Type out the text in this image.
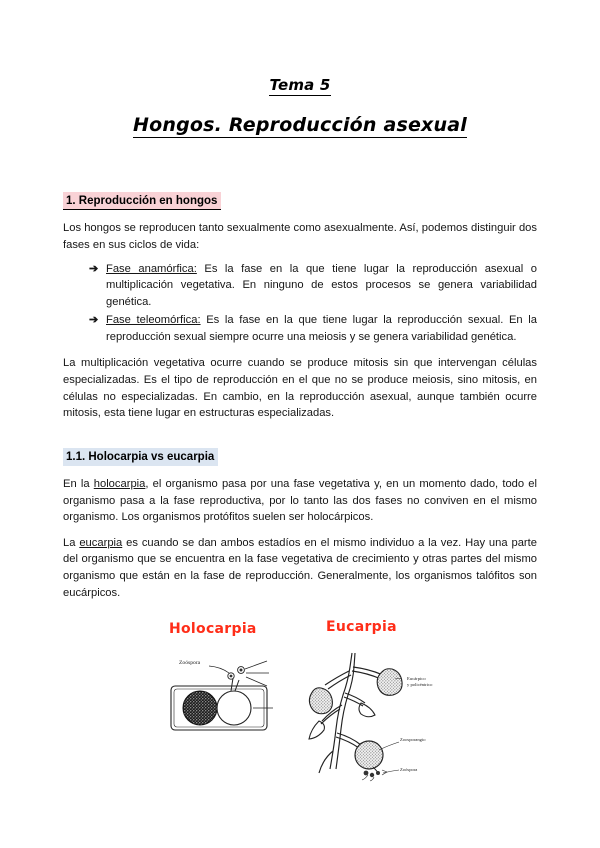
Tema 5
Hongos. Reproducción asexual
1. Reproducción en hongos

Los hongos se reproducen tanto sexualmente como asexualmente. Así, podemos distinguir dos fases en sus ciclos de vida:

➔ Fase anamórfica: Es la fase en la que tiene lugar la reproducción asexual o multiplicación vegetativa. En ninguno de estos procesos se genera variabilidad genética.
➔ Fase teleomórfica: Es la fase en la que tiene lugar la reproducción sexual. En la reproducción sexual siempre ocurre una meiosis y se genera variabilidad genética.

La multiplicación vegetativa ocurre cuando se produce mitosis sin que intervengan células especializadas. Es el tipo de reproducción en el que no se produce meiosis, sino mitosis, en células no especializadas. En cambio, en la reproducción asexual, aunque también ocurre mitosis, esta tiene lugar en estructuras especializadas.

1.1. Holocarpia vs eucarpia

En la holocarpia, el organismo pasa por una fase vegetativa y, en un momento dado, todo el organismo pasa a la fase reproductiva, por lo tanto las dos fases no conviven en el mismo organismo. Los organismos protófitos suelen ser holocárpicos.

La eucarpia es cuando se dan ambos estadíos en el mismo individuo a la vez. Hay una parte del organismo que se encuentra en la fase vegetativa de crecimiento y otras partes del mismo organismo que están en la fase de reproducción. Generalmente, los organismos talófitos son eucárpicos.

Holocarpia	Eucarpia
Zoóspora
Eucárpico
y policéntrico
Zoosporangio
Zoóspora
